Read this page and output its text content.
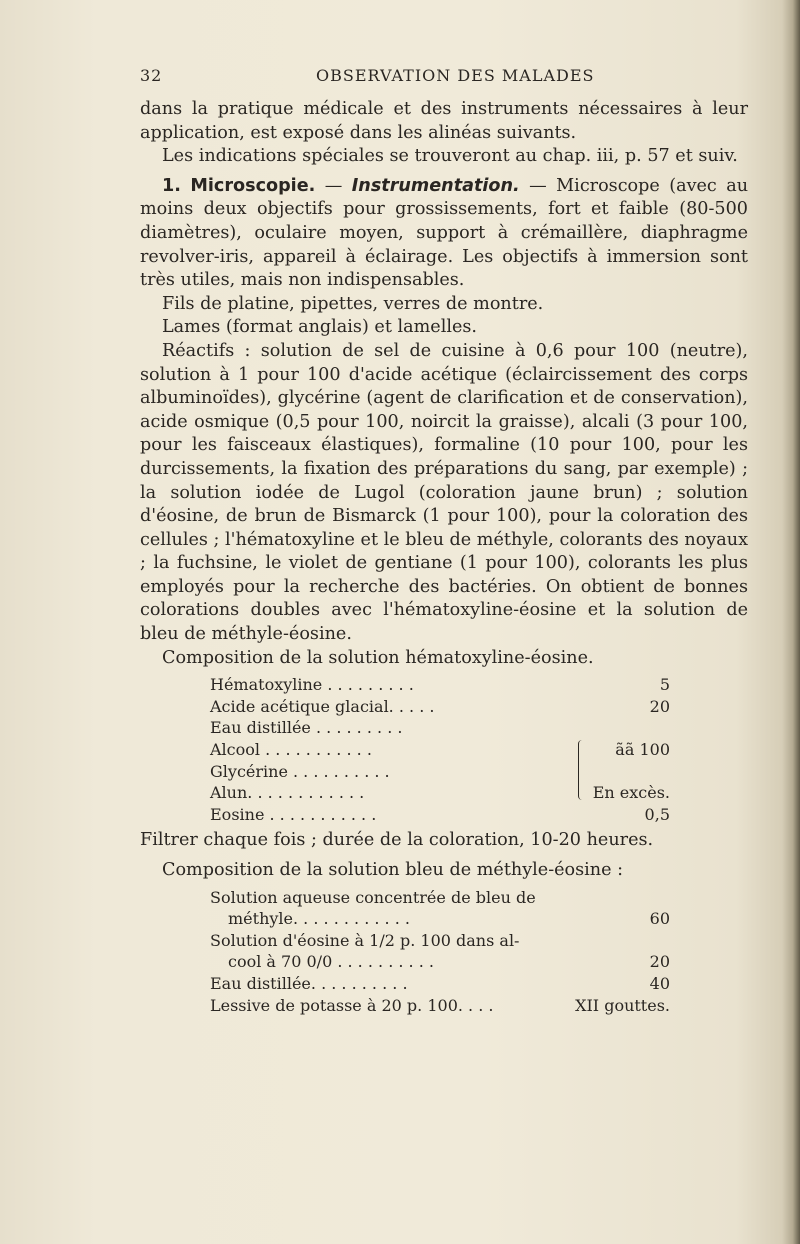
32	OBSERVATION DES MALADES

dans la pratique médicale et des instruments nécessaires à leur application, est exposé dans les alinéas suivants.

Les indications spéciales se trouveront au chap. iii, p. 57 et suiv.

1. Microscopie. — Instrumentation. — Microscope (avec au moins deux objectifs pour grossissements, fort et faible (80-500 diamètres), oculaire moyen, support à crémaillère, diaphragme revolver-iris, appareil à éclairage. Les objectifs à immersion sont très utiles, mais non indispensables.

Fils de platine, pipettes, verres de montre.

Lames (format anglais) et lamelles.

Réactifs : solution de sel de cuisine à 0,6 pour 100 (neutre), solution à 1 pour 100 d'acide acétique (éclaircissement des corps albuminoïdes), glycérine (agent de clarification et de conservation), acide osmique (0,5 pour 100, noircit la graisse), alcali (3 pour 100, pour les faisceaux élastiques), formaline (10 pour 100, pour les durcissements, la fixation des préparations du sang, par exemple) ; la solution iodée de Lugol (coloration jaune brun) ; solution d'éosine, de brun de Bismarck (1 pour 100), pour la coloration des cellules ; l'hématoxyline et le bleu de méthyle, colorants des noyaux ; la fuchsine, le violet de gentiane (1 pour 100), colorants les plus employés pour la recherche des bactéries. On obtient de bonnes colorations doubles avec l'hématoxyline-éosine et la solution de bleu de méthyle-éosine.

Composition de la solution hématoxyline-éosine.

Hématoxyline . . . . . . . . .	5
Acide acétique glacial. . . . .	20
Eau distillée . . . . . . . . .
Alcool . . . . . . . . . . .	ãã 100
Glycérine . . . . . . . . . .
Alun. . . . . . . . . . . .	En excès.
Eosine . . . . . . . . . . .	0,5

Filtrer chaque fois ; durée de la coloration, 10-20 heures.

Composition de la solution bleu de méthyle-éosine :

Solution aqueuse concentrée de bleu de
méthyle. . . . . . . . . . . .	60
Solution d'éosine à 1/2 p. 100 dans al-
cool à 70 0/0 . . . . . . . . . .	20
Eau distillée. . . . . . . . . .	40
Lessive de potasse à 20 p. 100. . . .	XII gouttes.
